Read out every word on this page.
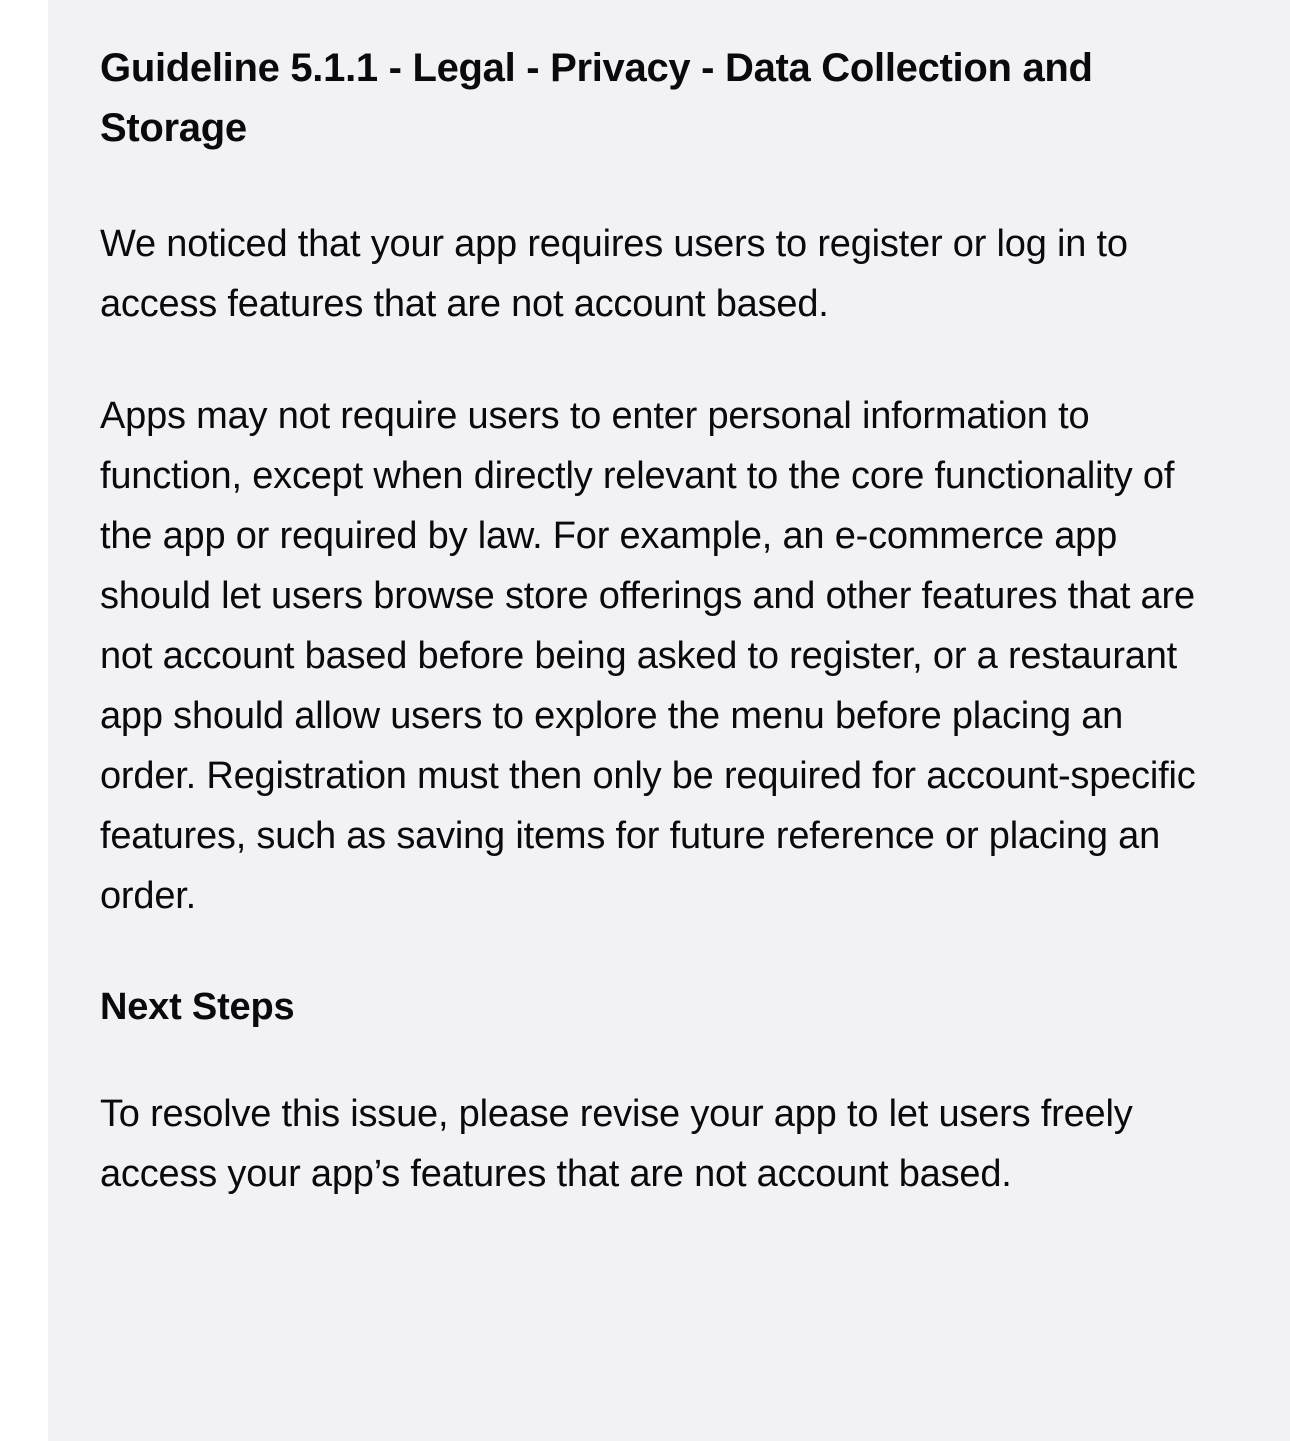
Guideline 5.1.1 - Legal - Privacy - Data Collection and Storage

We noticed that your app requires users to register or log in to access features that are not account based.

Apps may not require users to enter personal information to function, except when directly relevant to the core functionality of the app or required by law. For example, an e-commerce app should let users browse store offerings and other features that are not account based before being asked to register, or a restaurant app should allow users to explore the menu before placing an order. Registration must then only be required for account-specific features, such as saving items for future reference or placing an order.

Next Steps

To resolve this issue, please revise your app to let users freely access your app’s features that are not account based.
